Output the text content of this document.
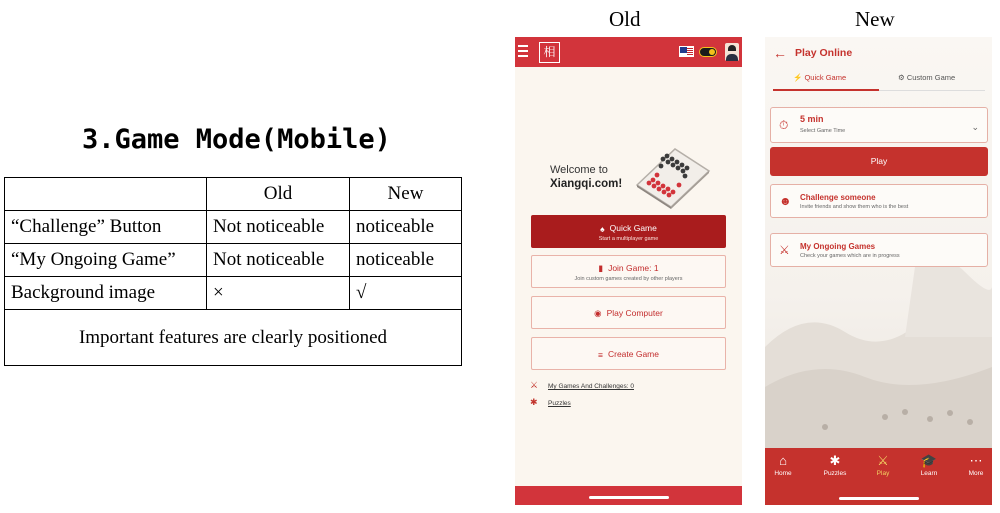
3.Game Mode(Mobile)
	Old	New
“Challenge” Button	Not noticeable	noticeable
“My Ongoing Game”	Not noticeable	noticeable
Background image	×	√
Important features are clearly positioned		
Old	New
相
Welcome to
Xiangqi.com!
♠ Quick Game
Start a multiplayer game
▮ Join Game: 1
Join custom games created by other players
◉ Play Computer
≡ Create Game
⚔ My Games And Challenges: 0
✱ Puzzles
← Play Online
⚡ Quick Game	⚙ Custom Game
⏱ 5 min
Select Game Time	⌄
Play
☻ Challenge someone
Invite friends and show them who is the best
⚔ My Ongoing Games
Check your games which are in progress
⌂
Home
✱
Puzzles
⚔
Play
🎓
Learn
⋯
More
